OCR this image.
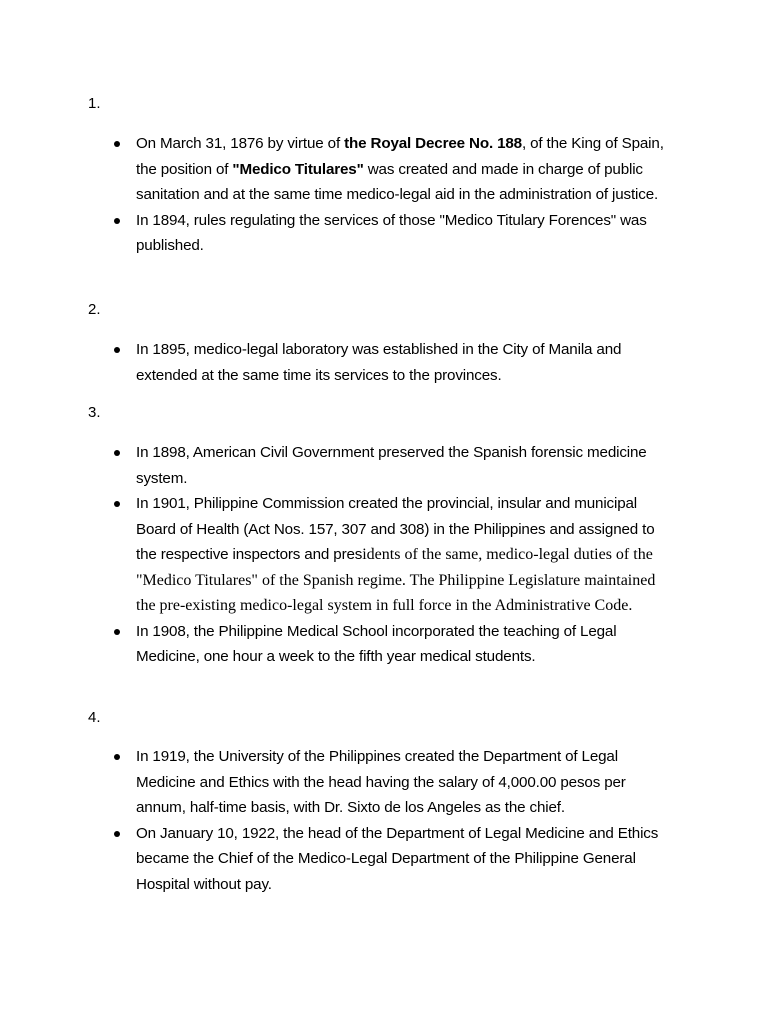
1.
On March 31, 1876 by virtue of the Royal Decree No. 188, of the King of Spain, the position of "Medico Titulares" was created and made in charge of public sanitation and at the same time medico-legal aid in the administration of justice.
In 1894, rules regulating the services of those "Medico Titulary Forences" was published.
2.
In 1895, medico-legal laboratory was established in the City of Manila and extended at the same time its services to the provinces.
3.
In 1898, American Civil Government preserved the Spanish forensic medicine system.
In 1901, Philippine Commission created the provincial, insular and municipal Board of Health (Act Nos. 157, 307 and 308) in the Philippines and assigned to the respective inspectors and presidents of the same, medico-legal duties of the "Medico Titulares" of the Spanish regime. The Philippine Legislature maintained the pre-existing medico-legal system in full force in the Administrative Code.
In 1908, the Philippine Medical School incorporated the teaching of Legal Medicine, one hour a week to the fifth year medical students.
4.
In 1919, the University of the Philippines created the Department of Legal Medicine and Ethics with the head having the salary of 4,000.00 pesos per annum, half-time basis, with Dr. Sixto de los Angeles as the chief.
On January 10, 1922, the head of the Department of Legal Medicine and Ethics became the Chief of the Medico-Legal Department of the Philippine General Hospital without pay.
